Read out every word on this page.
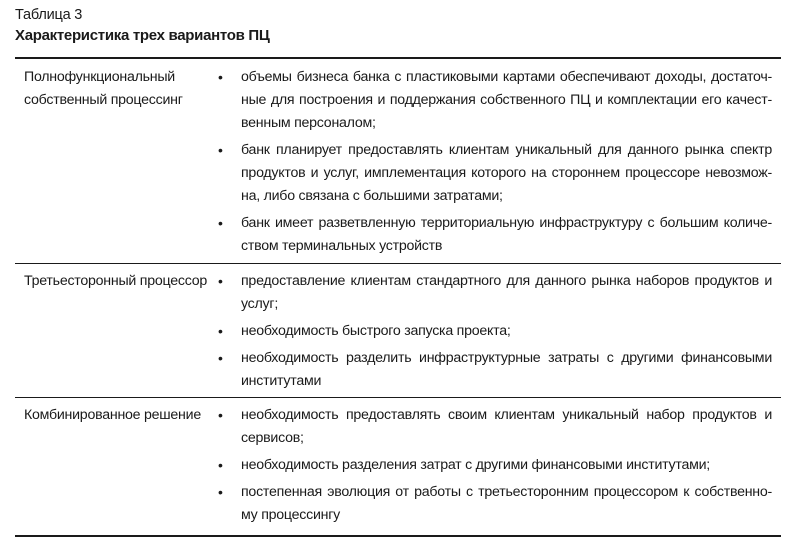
Таблица 3
Характеристика трех вариантов ПЦ
Полнофункциональный собственный процессинг
• объемы бизнеса банка с пластиковыми картами обеспечивают доходы, достаточ-ные для построения и поддержания собственного ПЦ и комплектации его качест-венным персоналом;
• банк планирует предоставлять клиентам уникальный для данного рынка спектр продуктов и услуг, имплементация которого на стороннем процессоре невозмож-на, либо связана с большими затратами;
• банк имеет разветвленную территориальную инфраструктуру с большим количе-ством терминальных устройств
Третьесторонный процессор • предоставление клиентам стандартного для данного рынка наборов продуктов и услуг;
• необходимость быстрого запуска проекта;
• необходимость разделить инфраструктурные затраты с другими финансовыми институтами
Комбинированное решение	• необходимость предоставлять своим клиентам уникальный набор продуктов и сервисов;
• необходимость разделения затрат с другими финансовыми институтами;
• постепенная эволюция от работы с третьесторонним процессором к собственно-му процессингу
